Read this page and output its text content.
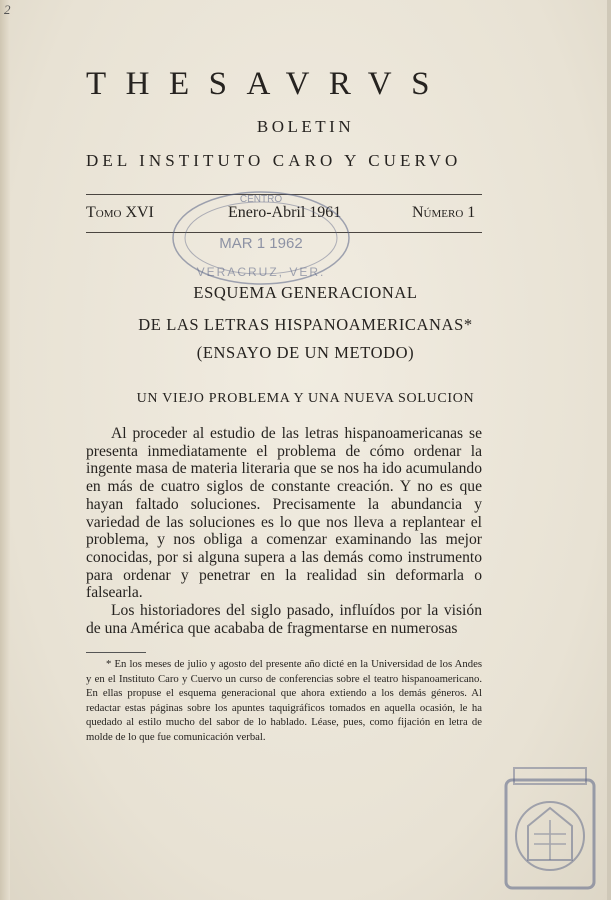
2
THESAVRVS
BOLETIN
DEL INSTITUTO CARO Y CUERVO
Tomo XVI	Enero-Abril 1961	Número 1
CENTRO
MAR 1 1962
VERACRUZ, VER.
ESQUEMA GENERACIONAL
DE LAS LETRAS HISPANOAMERICANAS*
(ENSAYO DE UN METODO)
UN VIEJO PROBLEMA Y UNA NUEVA SOLUCION

Al proceder al estudio de las letras hispanoamericanas se presenta inmediatamente el problema de cómo ordenar la ingente masa de materia literaria que se nos ha ido acumulando en más de cuatro siglos de constante creación. Y no es que hayan faltado soluciones. Precisamente la abundancia y variedad de las soluciones es lo que nos lleva a replantear el problema, y nos obliga a comenzar examinando las mejor conocidas, por si alguna supera a las demás como instrumento para ordenar y penetrar en la realidad sin deformarla o falsearla.

Los historiadores del siglo pasado, influídos por la visión de una América que acababa de fragmentarse en numerosas

* En los meses de julio y agosto del presente año dicté en la Universidad de los Andes y en el Instituto Caro y Cuervo un curso de conferencias sobre el teatro hispanoamericano. En ellas propuse el esquema generacional que ahora extiendo a los demás géneros. Al redactar estas páginas sobre los apuntes taquigráficos tomados en aquella ocasión, le ha quedado al estilo mucho del sabor de lo hablado. Léase, pues, como fijación en letra de molde de lo que fue comunicación verbal.
